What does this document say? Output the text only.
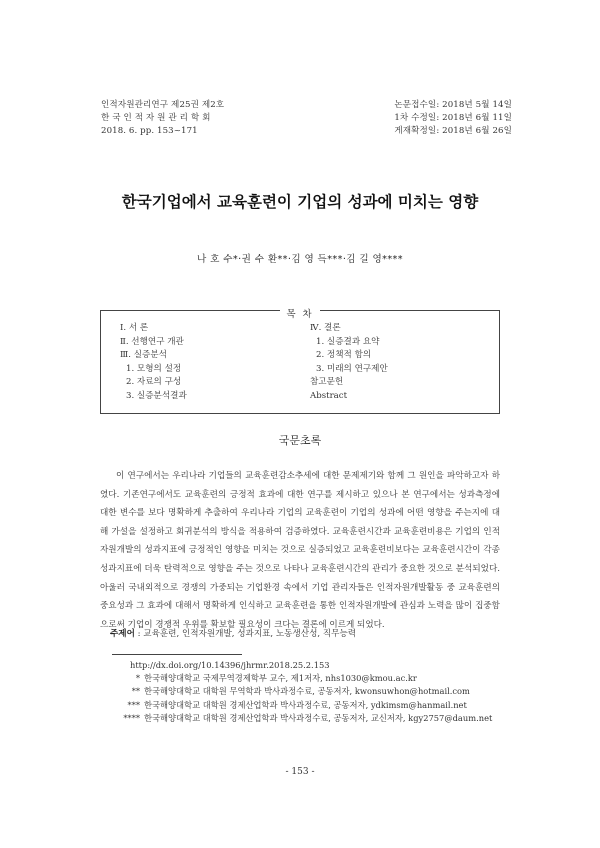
인적자원관리연구 제25권 제2호
한 국 인 적 자 원 관 리 학 회
2018. 6. pp. 153~171
논문접수일: 2018년 5월 14일
1차 수정일: 2018년 6월 11일
게재확정일: 2018년 6월 26일
한국기업에서 교육훈련이 기업의 성과에 미치는 영향
나 호 수*·권 수 환**·김 영 득***·김 길 영****
목 차
Ⅰ. 서 론
Ⅱ. 선행연구 개관
Ⅲ. 실증분석
1. 모형의 설정
2. 자료의 구성
3. 실증분석결과
Ⅳ. 결론
1. 실증결과 요약
2. 정책적 함의
3. 미래의 연구제안
참고문헌
Abstract
국문초록

이 연구에서는 우리나라 기업들의 교육훈련감소추세에 대한 문제제기와 함께 그 원인을 파악하고자 하였다. 기존연구에서도 교육훈련의 긍정적 효과에 대한 연구를 제시하고 있으나 본 연구에서는 성과측정에 대한 변수를 보다 명확하게 추출하여 우리나라 기업의 교육훈련이 기업의 성과에 어떤 영향을 주는지에 대해 가설을 설정하고 회귀분석의 방식을 적용하여 검증하였다. 교육훈련시간과 교육훈련비용은 기업의 인적자원개발의 성과지표에 긍정적인 영향을 미치는 것으로 실증되었고 교육훈련비보다는 교육훈련시간이 각종 성과지표에 더욱 탄력적으로 영향을 주는 것으로 나타나 교육훈련시간의 관리가 중요한 것으로 분석되었다. 아울러 국내외적으로 경쟁의 가중되는 기업환경 속에서 기업 관리자들은 인적자원개발활동 중 교육훈련의 중요성과 그 효과에 대해서 명확하게 인식하고 교육훈련을 통한 인적자원개발에 관심과 노력을 많이 집중함으로써 기업이 경쟁적 우위를 확보할 필요성이 크다는 결론에 이르게 되었다.

주제어 : 교육훈련, 인적자원개발, 성과지표, 노동생산성, 직무능력
http://dx.doi.org/10.14396/jhrmr.2018.25.2.153
* 한국해양대학교 국제무역경제학부 교수, 제1저자, nhs1030@kmou.ac.kr
** 한국해양대학교 대학원 무역학과 박사과정수료, 공동저자, kwonsuwhon@hotmail.com
*** 한국해양대학교 대학원 경제산업학과 박사과정수료, 공동저자, ydkimsm@hanmail.net
**** 한국해양대학교 대학원 경제산업학과 박사과정수료, 공동저자, 교신저자, kgy2757@daum.net
- 153 -
